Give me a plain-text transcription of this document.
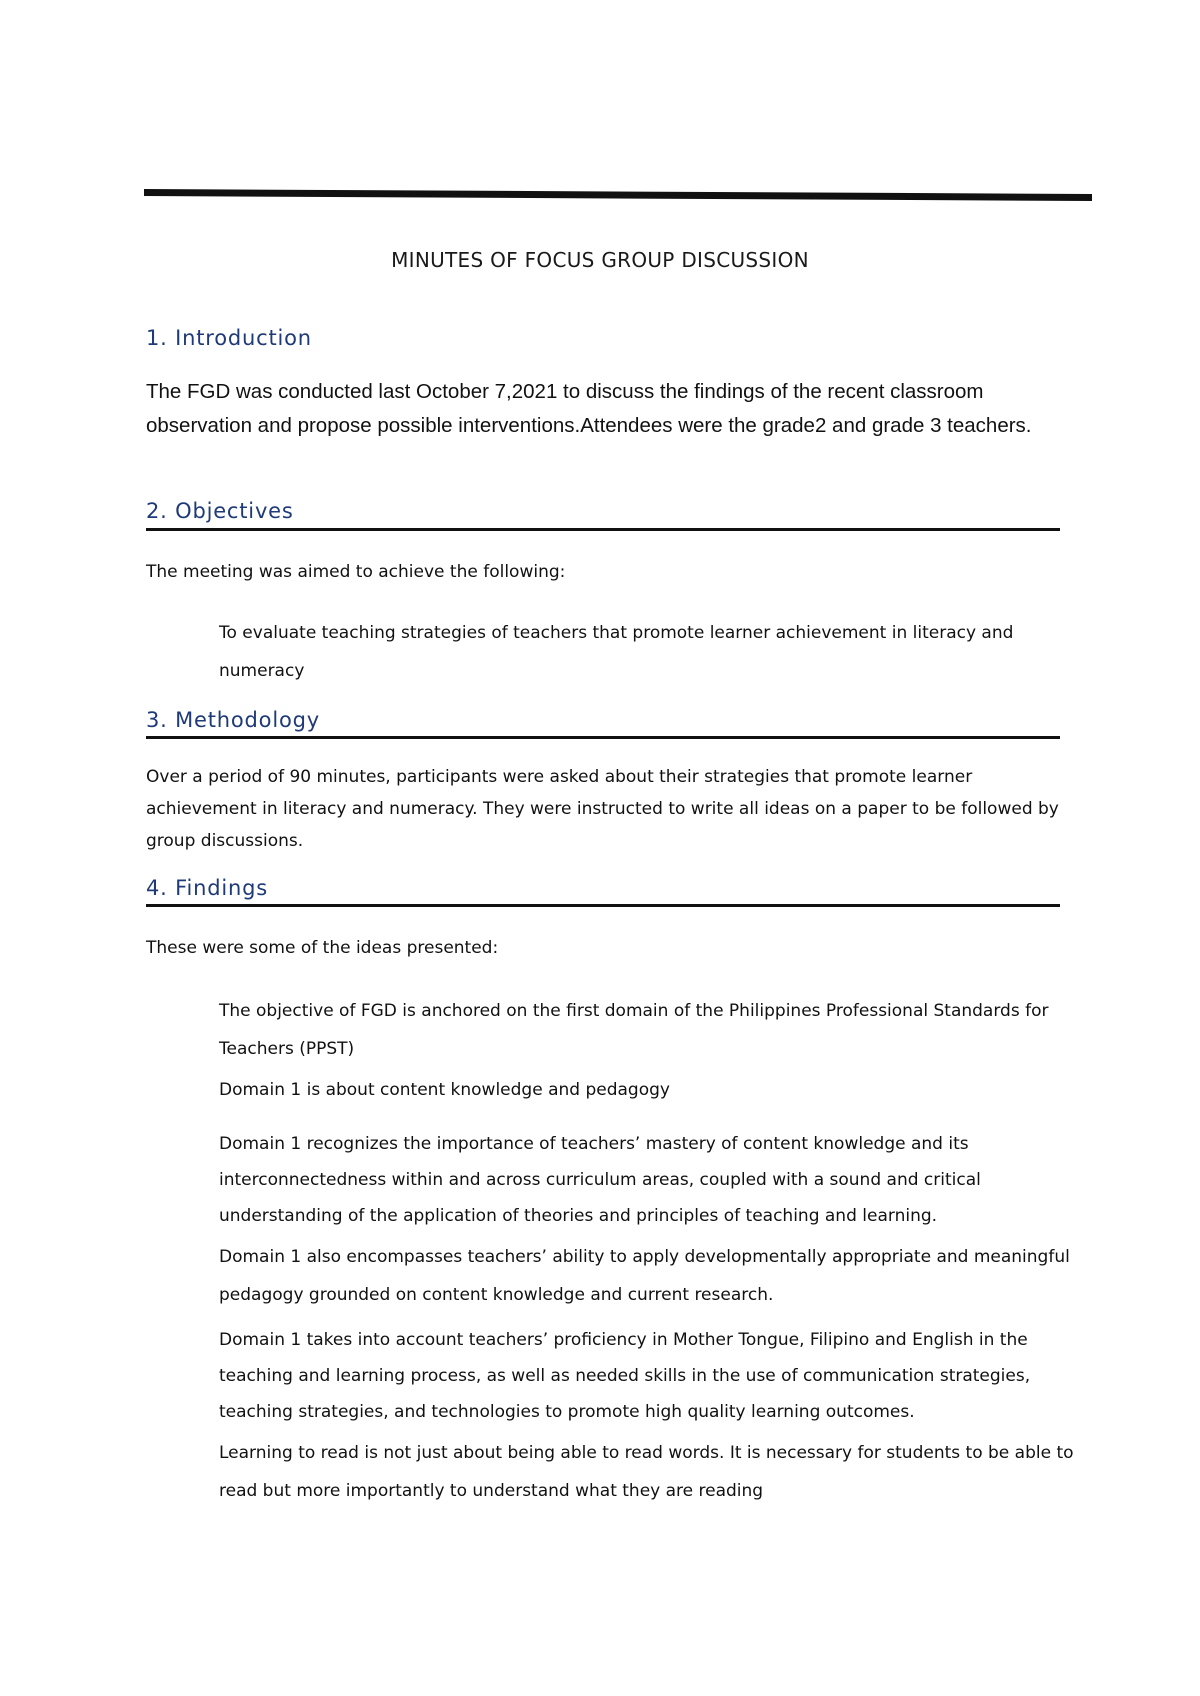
MINUTES OF FOCUS GROUP DISCUSSION
1. Introduction
The FGD was conducted last October 7,2021 to discuss the findings of the recent classroom observation and propose possible interventions.Attendees were the grade2 and grade 3 teachers.
2. Objectives
The meeting was aimed to achieve the following:
To evaluate teaching strategies of teachers that promote learner achievement in literacy and numeracy
3. Methodology
Over a period of 90 minutes, participants were asked about their strategies that promote learner achievement in literacy and numeracy. They were instructed to write all ideas on a paper to be followed by group discussions.
4. Findings
These were some of the ideas presented:
The objective of FGD is anchored on the first domain of the Philippines Professional Standards for Teachers (PPST)
Domain 1 is about content knowledge and pedagogy
Domain 1 recognizes the importance of teachers’ mastery of content knowledge and its interconnectedness within and across curriculum areas, coupled with a sound and critical understanding of the application of theories and principles of teaching and learning.
Domain 1 also encompasses teachers’ ability to apply developmentally appropriate and meaningful pedagogy grounded on content knowledge and current research.
Domain 1 takes into account teachers’ proficiency in Mother Tongue, Filipino and English in the teaching and learning process, as well as needed skills in the use of communication strategies, teaching strategies, and technologies to promote high quality learning outcomes.
Learning to read is not just about being able to read words. It is necessary for students to be able to read but more importantly to understand what they are reading
